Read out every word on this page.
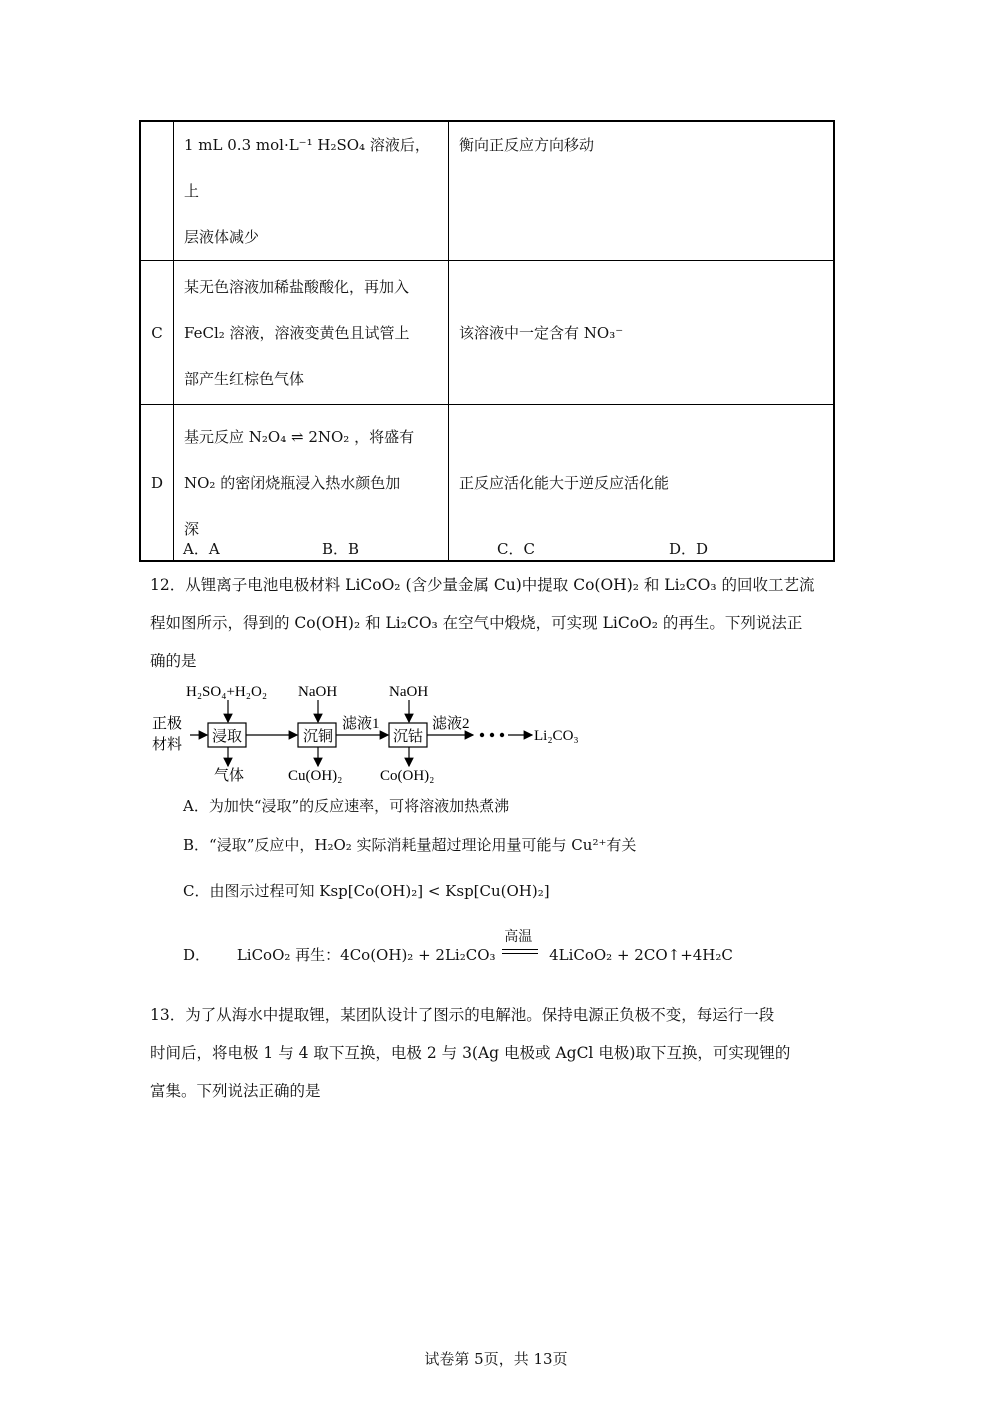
	1 mL 0.3 mol·L⁻¹ H₂SO₄ 溶液后，上
层液体减少	衡向正反应方向移动
C	某无色溶液加稀盐酸酸化，再加入
FeCl₂ 溶液，溶液变黄色且试管上
部产生红棕色气体	该溶液中一定含有 NO₃⁻
D	基元反应 N₂O₄ ⇌ 2NO₂ ，将盛有
NO₂ 的密闭烧瓶浸入热水颜色加
深	正反应活化能大于逆反应活化能
A．A	B．B	C．C	D．D
12．从锂离子电池电极材料 LiCoO₂ (含少量金属 Cu)中提取 Co(OH)₂ 和 Li₂CO₃ 的回收工艺流
程如图所示，得到的 Co(OH)₂ 和 Li₂CO₃ 在空气中煅烧，可实现 LiCoO₂ 的再生。下列说法正
确的是
H₂SO₄+H₂O₂ NaOH	NaOH
正极
材料 浸取	沉铜	沉钴
滤液1	滤液2
Li₂CO₃
气体	Cu(OH)₂	Co(OH)₂
A．为加快“浸取”的反应速率，可将溶液加热煮沸
B．“浸取”反应中，H₂O₂ 实际消耗量超过理论用量可能与 Cu²⁺有关
C．由图示过程可知 Ksp[Co(OH)₂] < Ksp[Cu(OH)₂]
D． LiCoO₂ 再生：4Co(OH)₂ + 2Li₂CO₃
高温
4LiCoO₂ + 2CO↑+4H₂C
13．为了从海水中提取锂，某团队设计了图示的电解池。保持电源正负极不变，每运行一段
时间后，将电极 1 与 4 取下互换，电极 2 与 3(Ag 电极或 AgCl 电极)取下互换，可实现锂的
富集。下列说法正确的是
试卷第 5页，共 13页
